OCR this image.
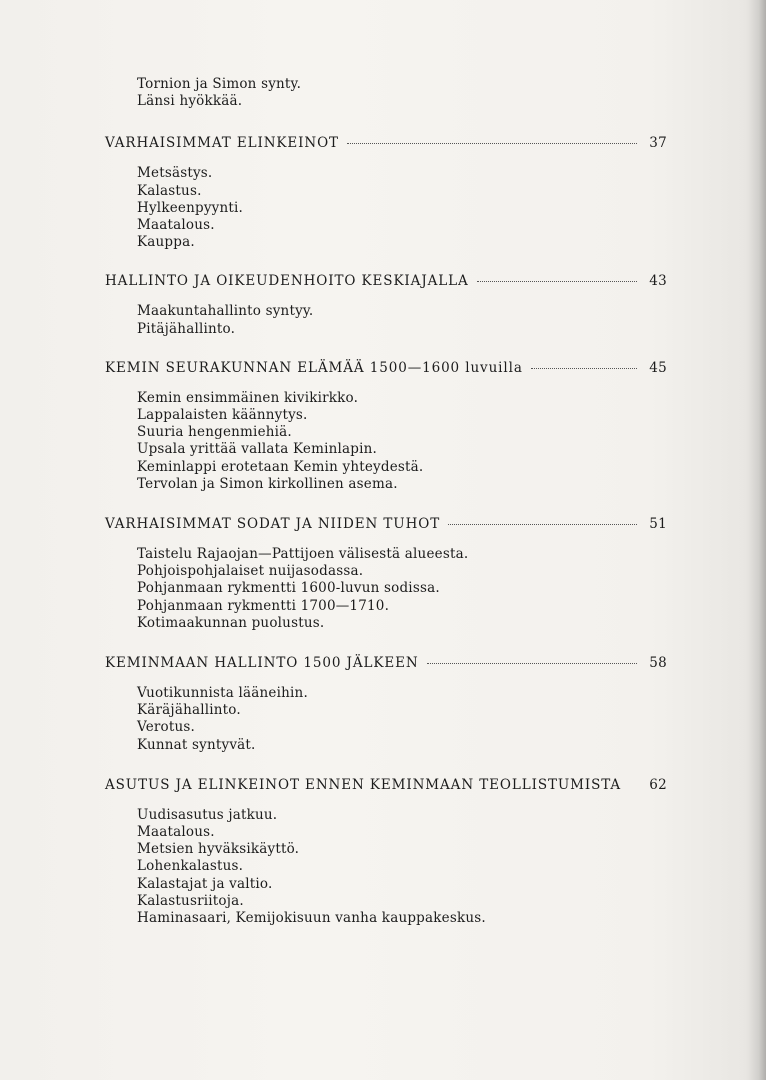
Tornion ja Simon synty.
Länsi hyökkää.
VARHAISIMMAT ELINKEINOT	37
Metsästys.
Kalastus.
Hylkeenpyynti.
Maatalous.
Kauppa.
HALLINTO JA OIKEUDENHOITO KESKIAJALLA	43
Maakuntahallinto syntyy.
Pitäjähallinto.
KEMIN SEURAKUNNAN ELÄMÄÄ 1500—1600 luvuilla	45
Kemin ensimmäinen kivikirkko.
Lappalaisten käännytys.
Suuria hengenmiehiä.
Upsala yrittää vallata Keminlapin.
Keminlappi erotetaan Kemin yhteydestä.
Tervolan ja Simon kirkollinen asema.
VARHAISIMMAT SODAT JA NIIDEN TUHOT	51
Taistelu Rajaojan—Pattijoen välisestä alueesta.
Pohjoispohjalaiset nuijasodassa.
Pohjanmaan rykmentti 1600-luvun sodissa.
Pohjanmaan rykmentti 1700—1710.
Kotimaakunnan puolustus.
KEMINMAAN HALLINTO 1500 JÄLKEEN	58
Vuotikunnista lääneihin.
Käräjähallinto.
Verotus.
Kunnat syntyvät.
ASUTUS JA ELINKEINOT ENNEN KEMINMAAN TEOLLISTUMISTA	62
Uudisasutus jatkuu.
Maatalous.
Metsien hyväksikäyttö.
Lohenkalastus.
Kalastajat ja valtio.
Kalastusriitoja.
Haminasaari, Kemijokisuun vanha kauppakeskus.
